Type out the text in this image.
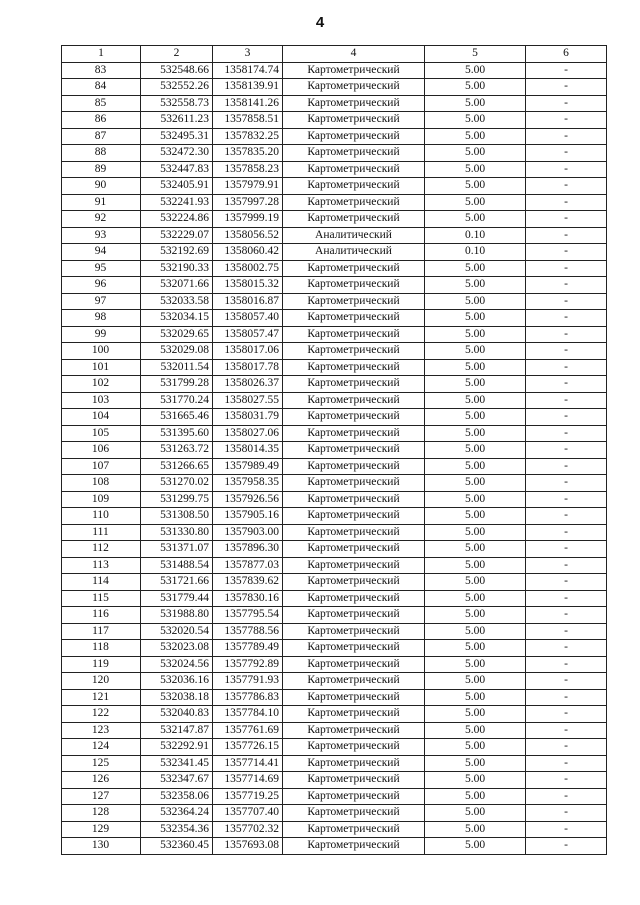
4
1	2	3	4	5	6
83	532548.66	1358174.74	Картометрический	5.00	-
84	532552.26	1358139.91	Картометрический	5.00	-
85	532558.73	1358141.26	Картометрический	5.00	-
86	532611.23	1357858.51	Картометрический	5.00	-
87	532495.31	1357832.25	Картометрический	5.00	-
88	532472.30	1357835.20	Картометрический	5.00	-
89	532447.83	1357858.23	Картометрический	5.00	-
90	532405.91	1357979.91	Картометрический	5.00	-
91	532241.93	1357997.28	Картометрический	5.00	-
92	532224.86	1357999.19	Картометрический	5.00	-
93	532229.07	1358056.52	Аналитический	0.10	-
94	532192.69	1358060.42	Аналитический	0.10	-
95	532190.33	1358002.75	Картометрический	5.00	-
96	532071.66	1358015.32	Картометрический	5.00	-
97	532033.58	1358016.87	Картометрический	5.00	-
98	532034.15	1358057.40	Картометрический	5.00	-
99	532029.65	1358057.47	Картометрический	5.00	-
100	532029.08	1358017.06	Картометрический	5.00	-
101	532011.54	1358017.78	Картометрический	5.00	-
102	531799.28	1358026.37	Картометрический	5.00	-
103	531770.24	1358027.55	Картометрический	5.00	-
104	531665.46	1358031.79	Картометрический	5.00	-
105	531395.60	1358027.06	Картометрический	5.00	-
106	531263.72	1358014.35	Картометрический	5.00	-
107	531266.65	1357989.49	Картометрический	5.00	-
108	531270.02	1357958.35	Картометрический	5.00	-
109	531299.75	1357926.56	Картометрический	5.00	-
110	531308.50	1357905.16	Картометрический	5.00	-
111	531330.80	1357903.00	Картометрический	5.00	-
112	531371.07	1357896.30	Картометрический	5.00	-
113	531488.54	1357877.03	Картометрический	5.00	-
114	531721.66	1357839.62	Картометрический	5.00	-
115	531779.44	1357830.16	Картометрический	5.00	-
116	531988.80	1357795.54	Картометрический	5.00	-
117	532020.54	1357788.56	Картометрический	5.00	-
118	532023.08	1357789.49	Картометрический	5.00	-
119	532024.56	1357792.89	Картометрический	5.00	-
120	532036.16	1357791.93	Картометрический	5.00	-
121	532038.18	1357786.83	Картометрический	5.00	-
122	532040.83	1357784.10	Картометрический	5.00	-
123	532147.87	1357761.69	Картометрический	5.00	-
124	532292.91	1357726.15	Картометрический	5.00	-
125	532341.45	1357714.41	Картометрический	5.00	-
126	532347.67	1357714.69	Картометрический	5.00	-
127	532358.06	1357719.25	Картометрический	5.00	-
128	532364.24	1357707.40	Картометрический	5.00	-
129	532354.36	1357702.32	Картометрический	5.00	-
130	532360.45	1357693.08	Картометрический	5.00	-
